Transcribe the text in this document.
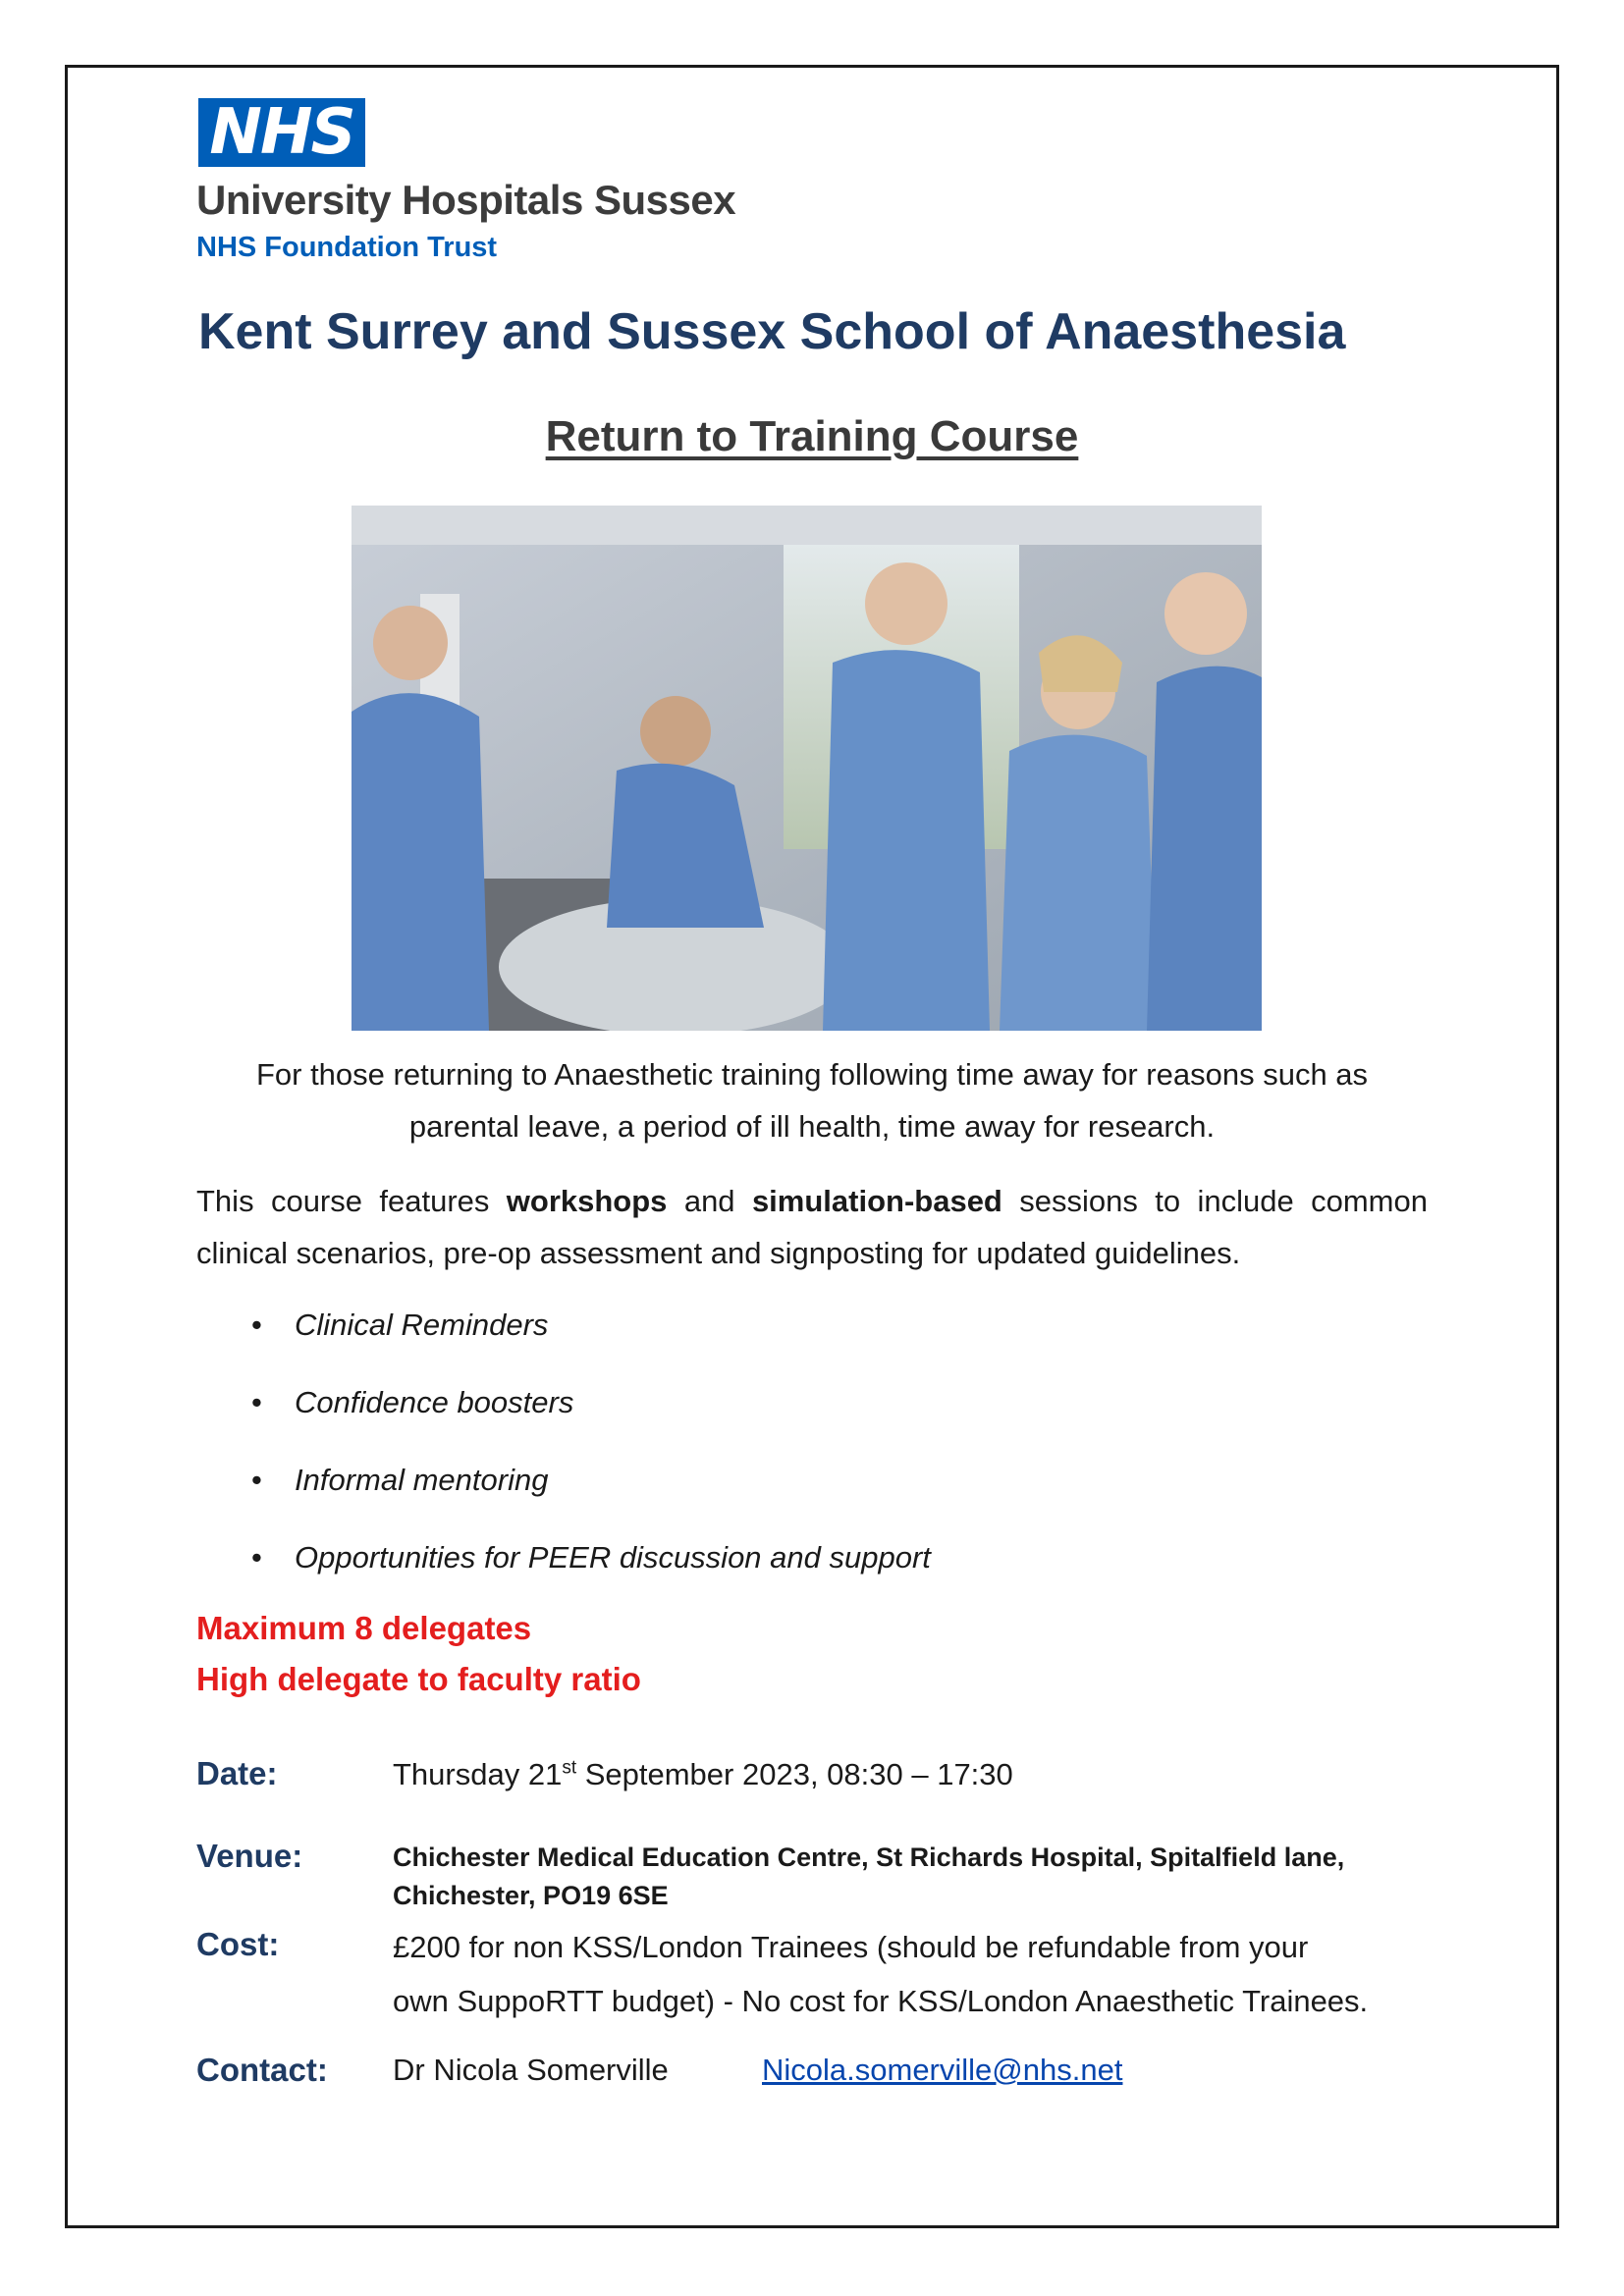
NHS
University Hospitals Sussex
NHS Foundation Trust
Kent Surrey and Sussex School of Anaesthesia
Return to Training Course
For those returning to Anaesthetic training following time away for reasons such as
parental leave, a period of ill health, time away for research.
This course features workshops and simulation-based sessions to include common clinical scenarios, pre-op assessment and signposting for updated guidelines.
• Clinical Reminders
• Confidence boosters
• Informal mentoring
• Opportunities for PEER discussion and support
Maximum 8 delegates
High delegate to faculty ratio
Date:	Thursday 21st September 2023, 08:30 – 17:30
Venue:	Chichester Medical Education Centre, St Richards Hospital, Spitalfield lane,
Chichester, PO19 6SE
Cost:	£200 for non KSS/London Trainees (should be refundable from your
own SuppoRTT budget) - No cost for KSS/London Anaesthetic Trainees.
Contact: Dr Nicola Somerville	Nicola.somerville@nhs.net
